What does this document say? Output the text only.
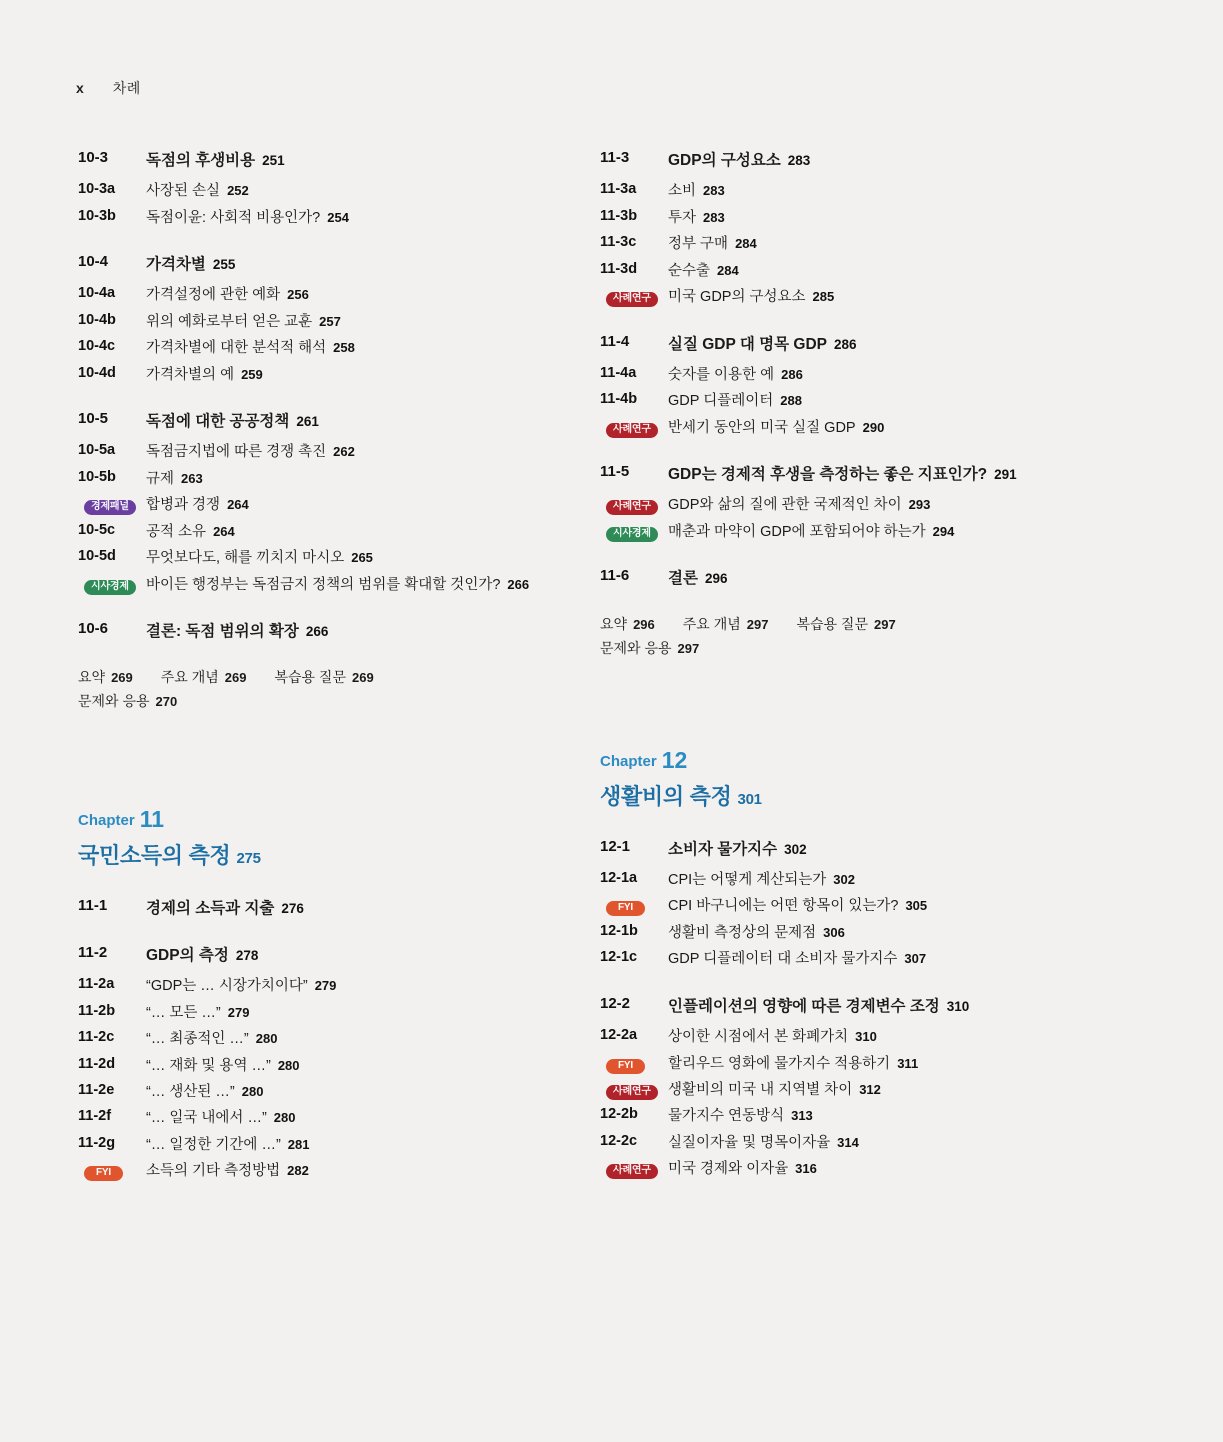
x 차례
10-3	독점의 후생비용 251
10-3a	사장된 손실 252
10-3b	독점이윤: 사회적 비용인가? 254
10-4	가격차별 255
10-4a	가격설정에 관한 예화 256
10-4b	위의 예화로부터 얻은 교훈 257
10-4c	가격차별에 대한 분석적 해석 258
10-4d	가격차별의 예 259
10-5	독점에 대한 공공정책 261
10-5a	독점금지법에 따른 경쟁 촉진 262
10-5b	규제 263
경제패널	합병과 경쟁 264
10-5c	공적 소유 264
10-5d	무엇보다도, 해를 끼치지 마시오 265
시사경제	바이든 행정부는 독점금지 정책의 범위를 확대할 것인가? 266
10-6	결론: 독점 범위의 확장 266
요약 269 주요 개념 269 복습용 질문 269
문제와 응용 270
Chapter 11
국민소득의 측정 275
11-1	경제의 소득과 지출 276
11-2	GDP의 측정 278
11-2a	“GDP는 … 시장가치이다” 279
11-2b	“… 모든 …” 279
11-2c	“… 최종적인 …” 280
11-2d	“… 재화 및 용역 …” 280
11-2e	“… 생산된 …” 280
11-2f	“… 일국 내에서 …” 280
11-2g	“… 일정한 기간에 …” 281
FYI	소득의 기타 측정방법 282
11-3	GDP의 구성요소 283
11-3a	소비 283
11-3b	투자 283
11-3c	정부 구매 284
11-3d	순수출 284
사례연구	미국 GDP의 구성요소 285
11-4	실질 GDP 대 명목 GDP 286
11-4a	숫자를 이용한 예 286
11-4b	GDP 디플레이터 288
사례연구	반세기 동안의 미국 실질 GDP 290
11-5	GDP는 경제적 후생을 측정하는 좋은 지표인가? 291
사례연구	GDP와 삶의 질에 관한 국제적인 차이 293
시사경제	매춘과 마약이 GDP에 포함되어야 하는가 294
11-6	결론 296
요약 296 주요 개념 297 복습용 질문 297
문제와 응용 297
Chapter 12
생활비의 측정 301
12-1	소비자 물가지수 302
12-1a	CPI는 어떻게 계산되는가 302
FYI	CPI 바구니에는 어떤 항목이 있는가? 305
12-1b	생활비 측정상의 문제점 306
12-1c	GDP 디플레이터 대 소비자 물가지수 307
12-2	인플레이션의 영향에 따른 경제변수 조정 310
12-2a	상이한 시점에서 본 화폐가치 310
FYI	할리우드 영화에 물가지수 적용하기 311
사례연구	생활비의 미국 내 지역별 차이 312
12-2b	물가지수 연동방식 313
12-2c	실질이자율 및 명목이자율 314
사례연구	미국 경제와 이자율 316
